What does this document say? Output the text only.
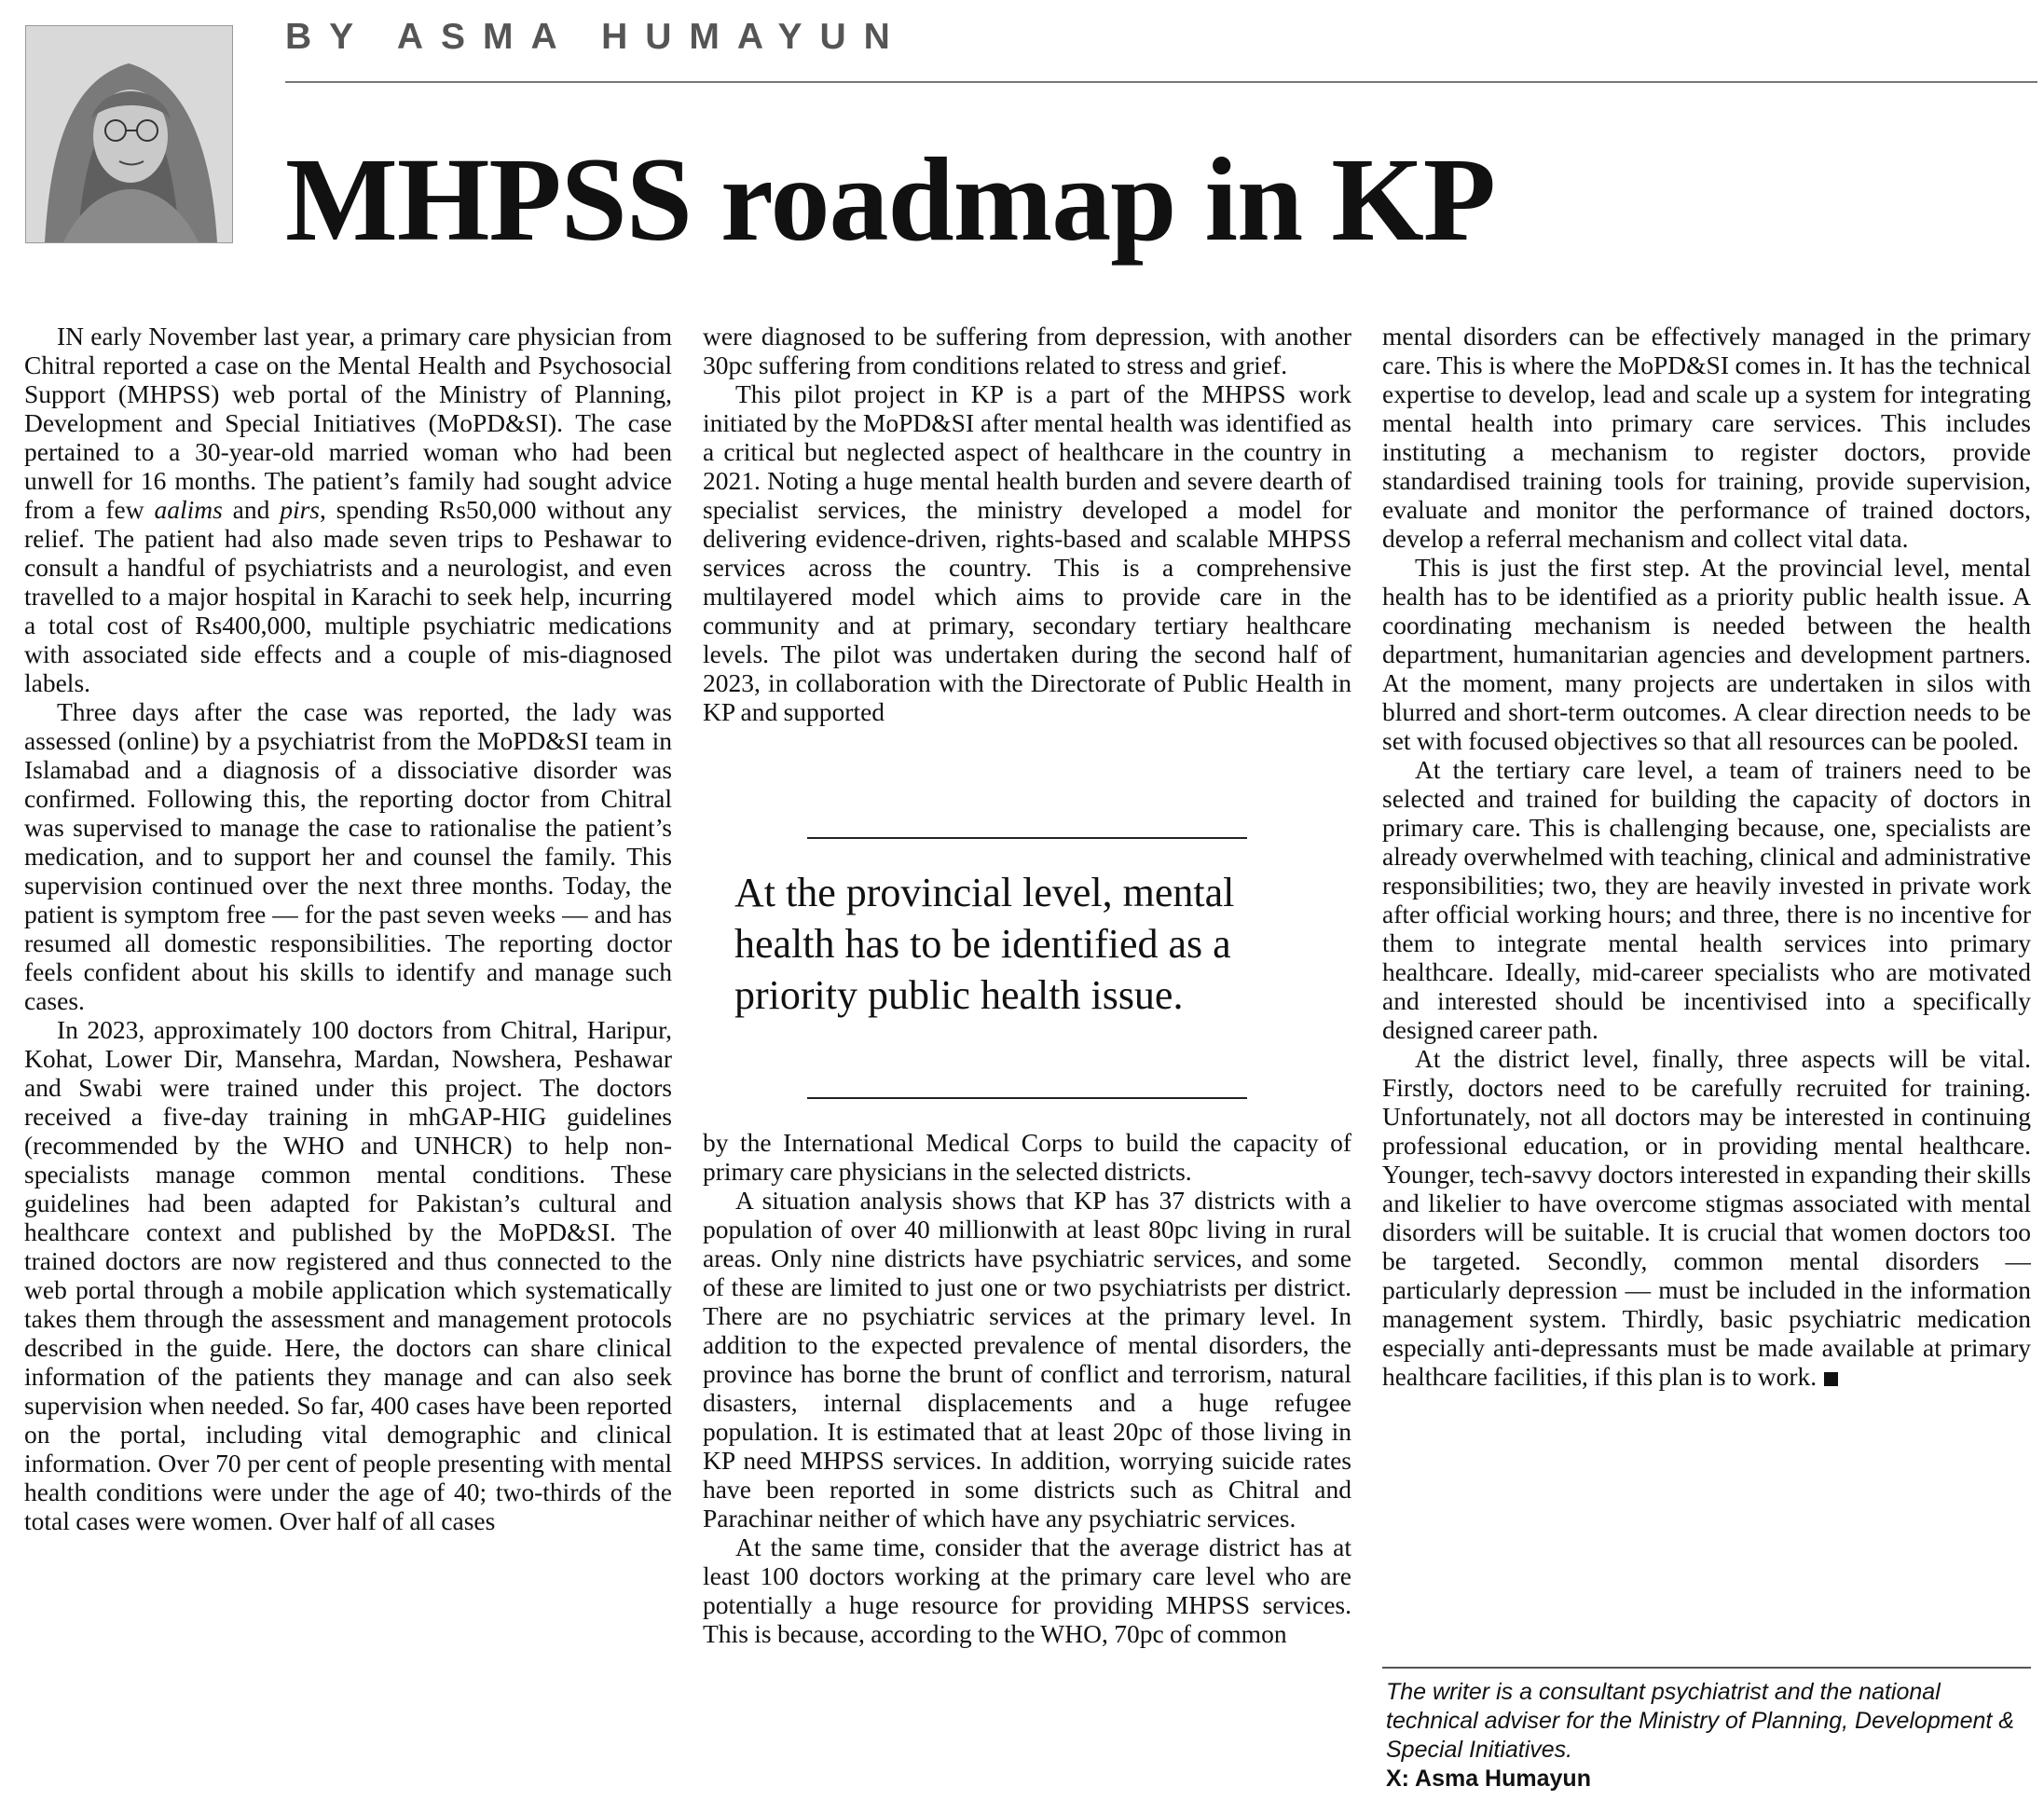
BY ASMA HUMAYUN
MHPSS roadmap in KP

IN early November last year, a primary care physician from Chitral reported a case on the Mental Health and Psychosocial Support (MHPSS) web portal of the Ministry of Planning, Development and Special Initiatives (MoPD&SI). The case pertained to a 30-year-old married woman who had been unwell for 16 months. The patient’s family had sought advice from a few aalims and pirs, spending Rs50,000 without any relief. The patient had also made seven trips to Peshawar to consult a handful of psychiatrists and a neurologist, and even travelled to a major hospital in Karachi to seek help, incurring a total cost of Rs400,000, multiple psychiatric medications with associated side effects and a couple of mis-diagnosed labels.

Three days after the case was reported, the lady was assessed (online) by a psychiatrist from the MoPD&SI team in Islamabad and a diagnosis of a dissociative disorder was confirmed. Following this, the reporting doctor from Chitral was supervised to manage the case to rationalise the patient’s medication, and to support her and counsel the family. This supervision continued over the next three months. Today, the patient is symptom free — for the past seven weeks — and has resumed all domestic responsibilities. The reporting doctor feels confident about his skills to identify and manage such cases.

In 2023, approximately 100 doctors from Chitral, Haripur, Kohat, Lower Dir, Mansehra, Mardan, Nowshera, Peshawar and Swabi were trained under this project. The doctors received a five-day training in mhGAP-HIG guidelines (recommended by the WHO and UNHCR) to help non-specialists manage common mental conditions. These guidelines had been adapted for Pakistan’s cultural and healthcare context and published by the MoPD&SI. The trained doctors are now registered and thus connected to the web portal through a mobile application which systematically takes them through the assessment and management protocols described in the guide. Here, the doctors can share clinical information of the patients they manage and can also seek supervision when needed. So far, 400 cases have been reported on the portal, including vital demographic and clinical information. Over 70 per cent of people presenting with mental health conditions were under the age of 40; two-thirds of the total cases were women. Over half of all cases

were diagnosed to be suffering from depression, with another 30pc suffering from conditions related to stress and grief.

This pilot project in KP is a part of the MHPSS work initiated by the MoPD&SI after mental health was identified as a critical but neglected aspect of healthcare in the country in 2021. Noting a huge mental health burden and severe dearth of specialist services, the ministry developed a model for delivering evidence-driven, rights-based and scalable MHPSS services across the country. This is a comprehensive multilayered model which aims to provide care in the community and at primary, secondary tertiary healthcare levels. The pilot was undertaken during the second half of 2023, in collaboration with the Directorate of Public Health in KP and supported

At the provincial level, mental health has to be identified as a priority public health issue.

by the International Medical Corps to build the capacity of primary care physicians in the selected districts.

A situation analysis shows that KP has 37 districts with a population of over 40 millionwith at least 80pc living in rural areas. Only nine districts have psychiatric services, and some of these are limited to just one or two psychiatrists per district. There are no psychiatric services at the primary level. In addition to the expected prevalence of mental disorders, the province has borne the brunt of conflict and terrorism, natural disasters, internal displacements and a huge refugee population. It is estimated that at least 20pc of those living in KP need MHPSS services. In addition, worrying suicide rates have been reported in some districts such as Chitral and Parachinar neither of which have any psychiatric services.

At the same time, consider that the average district has at least 100 doctors working at the primary care level who are potentially a huge resource for providing MHPSS services. This is because, according to the WHO, 70pc of common

mental disorders can be effectively managed in the primary care. This is where the MoPD&SI comes in. It has the technical expertise to develop, lead and scale up a system for integrating mental health into primary care services. This includes instituting a mechanism to register doctors, provide standardised training tools for training, provide supervision, evaluate and monitor the performance of trained doctors, develop a referral mechanism and collect vital data.

This is just the first step. At the provincial level, mental health has to be identified as a priority public health issue. A coordinating mechanism is needed between the health department, humanitarian agencies and development partners. At the moment, many projects are undertaken in silos with blurred and short-term outcomes. A clear direction needs to be set with focused objectives so that all resources can be pooled.

At the tertiary care level, a team of trainers need to be selected and trained for building the capacity of doctors in primary care. This is challenging because, one, specialists are already overwhelmed with teaching, clinical and administrative responsibilities; two, they are heavily invested in private work after official working hours; and three, there is no incentive for them to integrate mental health services into primary healthcare. Ideally, mid-career specialists who are motivated and interested should be incentivised into a specifically designed career path.

At the district level, finally, three aspects will be vital. Firstly, doctors need to be carefully recruited for training. Unfortunately, not all doctors may be interested in continuing professional education, or in providing mental healthcare. Younger, tech-savvy doctors interested in expanding their skills and likelier to have overcome stigmas associated with mental disorders will be suitable. It is crucial that women doctors too be targeted. Secondly, common mental disorders — particularly depression — must be included in the information management system. Thirdly, basic psychiatric medication especially anti-depressants must be made available at primary healthcare facilities, if this plan is to work.

The writer is a consultant psychiatrist and the national technical adviser for the Ministry of Planning, Development & Special Initiatives.
X: Asma Humayun
